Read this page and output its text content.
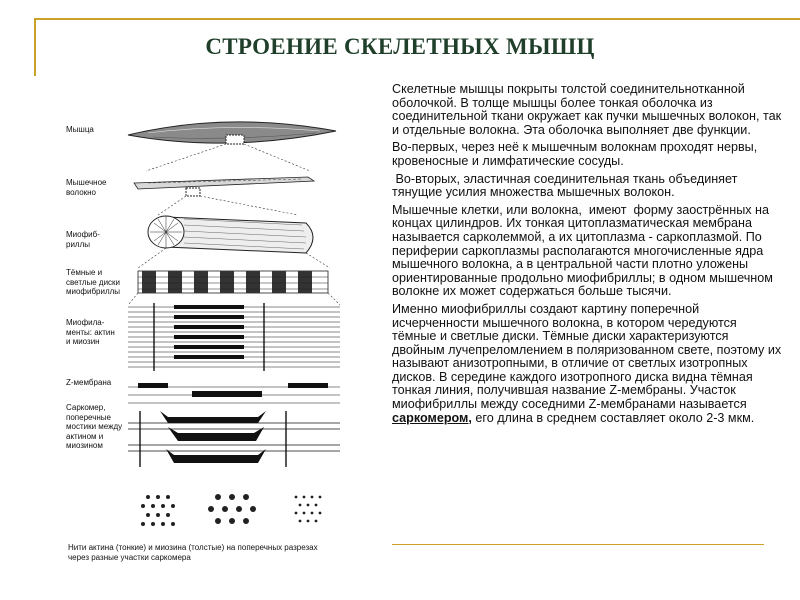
СТРОЕНИЕ СКЕЛЕТНЫХ МЫШЦ
Мышца
Мышечное волокно
Миофиб-риллы
Тёмные и светлые диски миофибриллы
Миофила-менты: актин и миозин
Z-мембрана
Саркомер, поперечные мостики между актином и миозином
Нити актина (тонкие) и миозина (толстые) на поперечных разрезах через разные участки саркомера

Скелетные мышцы покрыты толстой соединительнотканной оболочкой. В толще мышцы более тонкая оболочка из соединительной ткани окружает как пучки мышечных волокон, так и отдельные волокна. Эта оболочка выполняет две функции.

Во-первых, через неё к мышечным волокнам проходят нервы, кровеносные и лимфатические сосуды.

Во-вторых, эластичная соединительная ткань объединяет тянущие усилия множества мышечных волокон.

Мышечные клетки, или волокна,  имеют  форму заострённых на концах цилиндров. Их тонкая цитоплазматическая мембрана называется сарколеммой, а их цитоплазма - саркоплазмой. По периферии саркоплазмы располагаются многочисленные ядра мышечного волокна, а в центральной части плотно уложены ориентированные продольно миофибриллы; в одном мышечном волокне их может содержаться больше тысячи.

Именно миофибриллы создают картину поперечной исчерченности мышечного волокна, в котором чередуются тёмные и светлые диски. Тёмные диски характеризуются двойным лучепреломлением в поляризованном свете, поэтому их называют анизотропными, в отличие от светлых изотропных дисков. В середине каждого изотропного диска видна тёмная тонкая линия, получившая название Z-мембраны. Участок миофибриллы между соседними Z-мембранами называется саркомером, его длина в среднем составляет около 2-3 мкм.
